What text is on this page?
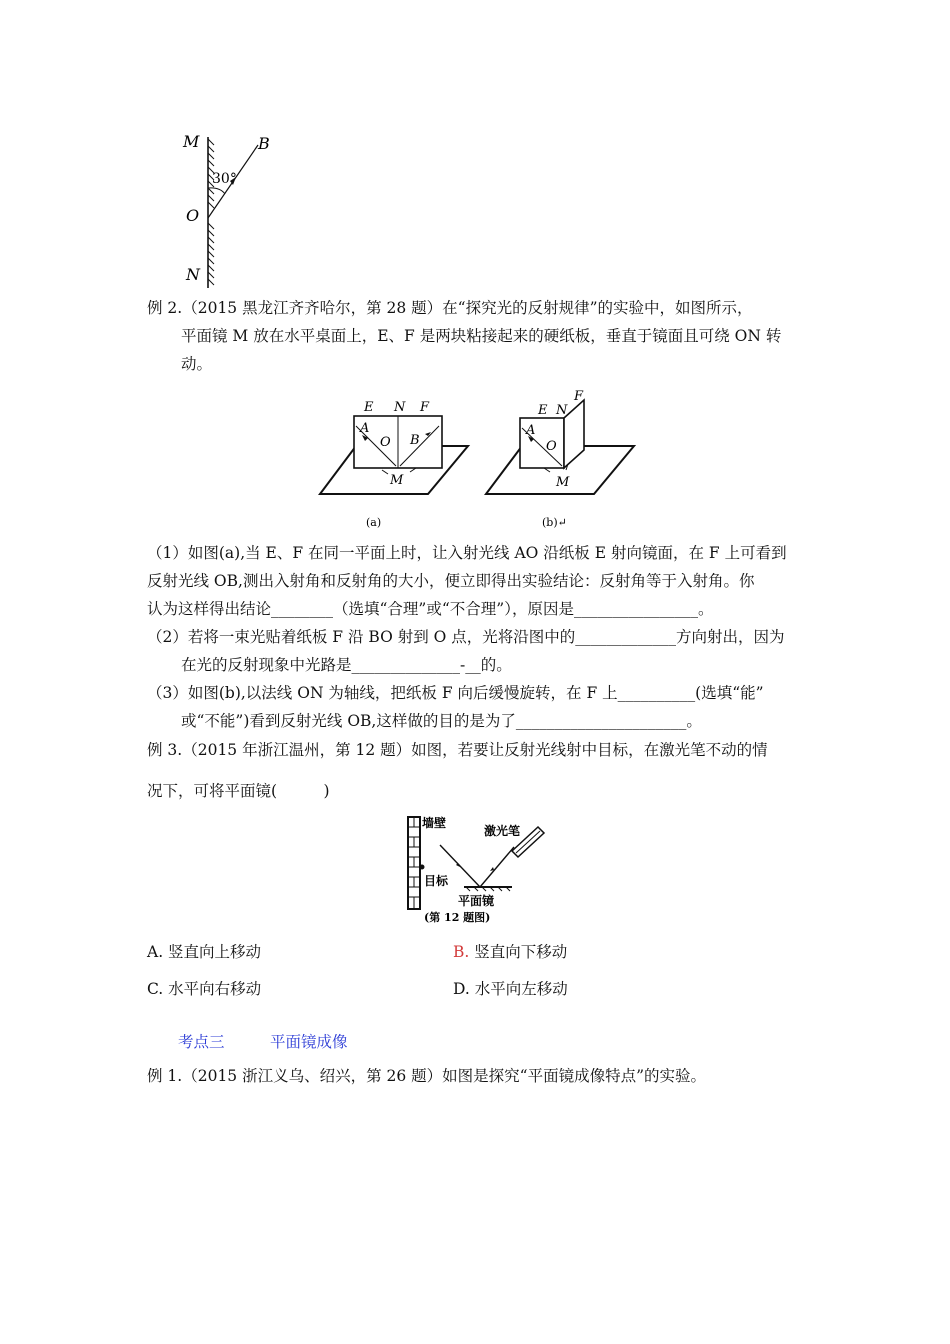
M	B
30°
O
N
例 2.（2015 黑龙江齐齐哈尔，第 28 题）在“探究光的反射规律”的实验中，如图所示，
平面镜 M 放在水平桌面上，E、F 是两块粘接起来的硬纸板，垂直于镜面且可绕 ON 转
动。
E N F
A
O B
M
(a)
E N
F
A
O
M
(b)↵
（1）如图(a),当 E、F 在同一平面上时，让入射光线 AO 沿纸板 E 射向镜面，在 F 上可看到
反射光线 OB,测出入射角和反射角的大小，便立即得出实验结论：反射角等于入射角。你
认为这样得出结论________（选填“合理”或“不合理”），原因是________________。
（2）若将一束光贴着纸板 F 沿 BO 射到 O 点，光将沿图中的_____________方向射出，因为
在光的反射现象中光路是______________-__的。
（3）如图(b),以法线 ON 为轴线，把纸板 F 向后缓慢旋转，在 F 上__________(选填“能”
或“不能”)看到反射光线 OB,这样做的目的是为了______________________。
例 3.（2015 年浙江温州，第 12 题）如图，若要让反射光线射中目标，在激光笔不动的情
况下，可将平面镜(　　　)
墙壁
激光笔
目标
平面镜
(第 12 题图)
A. 竖直向上移动	B. 竖直向下移动
C. 水平向右移动	D. 水平向左移动
考点三	平面镜成像
例 1.（2015 浙江义乌、绍兴，第 26 题）如图是探究“平面镜成像特点”的实验。
